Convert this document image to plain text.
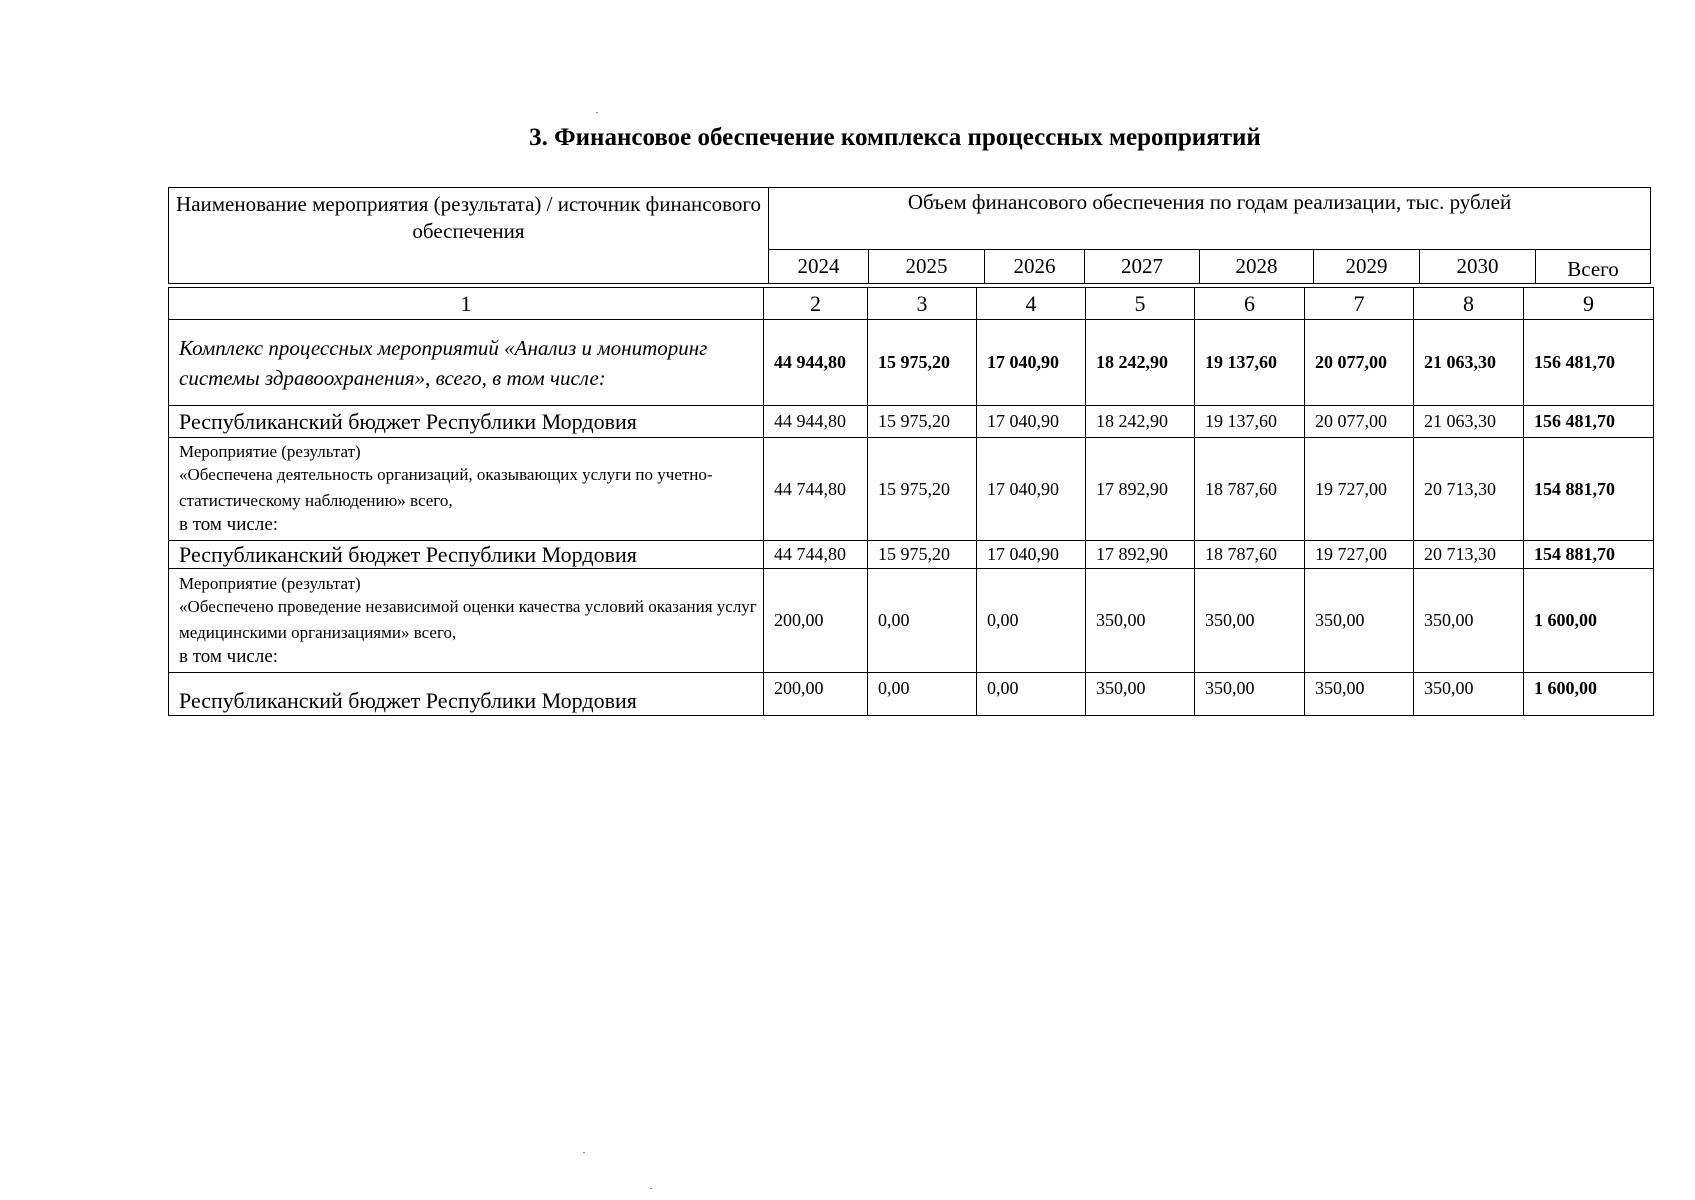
3. Финансовое обеспечение комплекса процессных мероприятий
Наименование мероприятия (результата) / источник финансового обеспечения	Объем финансового обеспечения по годам реализации, тыс. рублей							
	2024	2025	2026	2027	2028	2029	2030	Всего
1	2	3	4	5	6	7	8	9
Комплекс процессных мероприятий «Анализ и мониторинг системы здравоохранения», всего, в том числе:	44 944,80	15 975,20	17 040,90	18 242,90	19 137,60	20 077,00	21 063,30	156 481,70
Республиканский бюджет Республики Мордовия	44 944,80	15 975,20	17 040,90	18 242,90	19 137,60	20 077,00	21 063,30	156 481,70

Мероприятие (результат)
«Обеспечена деятельность организаций, оказывающих услуги по учетно-статистическому наблюдению» всего,
в том числе:	44 744,80	15 975,20	17 040,90	17 892,90	18 787,60	19 727,00	20 713,30	154 881,70
Республиканский бюджет Республики Мордовия	44 744,80	15 975,20	17 040,90	17 892,90	18 787,60	19 727,00	20 713,30	154 881,70

Мероприятие (результат)
«Обеспечено проведение независимой оценки качества условий оказания услуг медицинскими организациями» всего,
в том числе:	200,00	0,00	0,00	350,00	350,00	350,00	350,00	1 600,00
Республиканский бюджет Республики Мордовия	200,00	0,00	0,00	350,00	350,00	350,00	350,00	1 600,00
